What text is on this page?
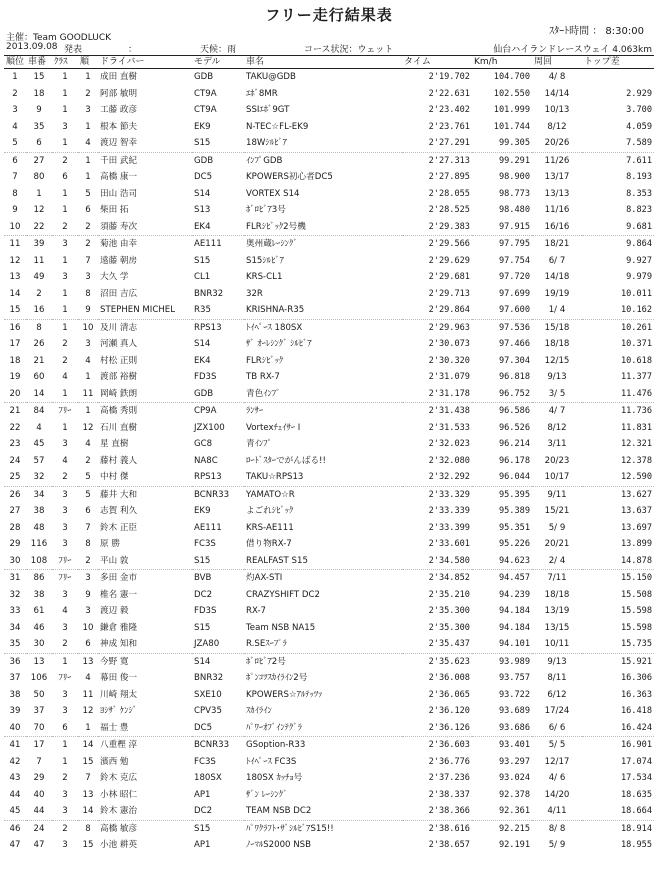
フリー走行結果表
ｽﾀｰﾄ時間 ： 8:30:00
主催：Team GOODLUCK
2013.09.08 発表	：	天候：雨	コース状況：ウェット	仙台ハイランドレースウェイ 4.063km
順位	車番	ｸﾗｽ	順	ドライバー	モデル	車名	タイム	Km/h	周回	トップ差
1	15	1	1	成田 直樹	GDB	TAKU@GDB	2'19.702	104.700	4/ 8	
2	18	1	2	阿部 敏明	CT9A	ｴﾎﾞ8MR	2'22.631	102.550	14/14	2.929
3	9	1	3	工藤 政彦	CT9A	SSIｴﾎﾞ9GT	2'23.402	101.999	10/13	3.700
4	35	3	1	根本 節夫	EK9	N-TEC☆FL-EK9	2'23.761	101.744	8/12	4.059
5	6	1	4	渡辺 智幸	S15	18Wｼﾙﾋﾞｱ	2'27.291	99.305	20/26	7.589
6	27	2	1	千田 武紀	GDB	ｲﾝﾌﾟGDB	2'27.313	99.291	11/26	7.611
7	80	6	1	高橋 康一	DC5	KPOWERS初心者DC5	2'27.895	98.900	13/17	8.193
8	1	1	5	田山 浩司	S14	VORTEX S14	2'28.055	98.773	13/13	8.353
9	12	1	6	柴田 拓	S13	ﾎﾞﾛﾋﾞｱ3号	2'28.525	98.480	11/16	8.823
10	22	2	2	須藤 寿次	EK4	FLRｼﾋﾞｯｸ2号機	2'29.383	97.915	16/16	9.681
11	39	3	2	菊池 由幸	AE111	奥州蔵ﾚｰｼﾝｸﾞ	2'29.566	97.795	18/21	9.864
12	11	1	7	遠藤 朝房	S15	S15ｼﾙﾋﾞｱ	2'29.629	97.754	6/ 7	9.927
13	49	3	3	大久 学	CL1	KRS-CL1	2'29.681	97.720	14/18	9.979
14	2	1	8	沼田 吉広	BNR32	32R	2'29.713	97.699	19/19	10.011
15	16	1	9	STEPHEN MICHEL	R35	KRISHNA-R35	2'29.864	97.600	1/ 4	10.162
16	8	1	10	及川 清志	RPS13	ﾄｲﾍﾟｰｽ 180SX	2'29.963	97.536	15/18	10.261
17	26	2	3	河瀬 真人	S14	ｻﾞ ｵｰﾚｼﾝｸﾞ ｼﾙﾋﾞｱ	2'30.073	97.466	18/18	10.371
18	21	2	4	村松 正則	EK4	FLRｼﾋﾞｯｸ	2'30.320	97.304	12/15	10.618
19	60	4	1	渡部 裕樹	FD3S	TB RX-7	2'31.079	96.818	9/13	11.377
20	14	1	11	岡崎 鉄朗	GDB	青色ｲﾝﾌﾟ	2'31.178	96.752	3/ 5	11.476
21	84	ﾌﾘｰ	1	高橋 秀則	CP9A	ﾗﾝｻｰ	2'31.438	96.586	4/ 7	11.736
22	4	1	12	石川 直樹	JZX100	Vortexﾁｪｲｻｰ I	2'31.533	96.526	8/12	11.831
23	45	3	4	星 直樹	GC8	青ｲﾝﾌﾟ	2'32.023	96.214	3/11	12.321
24	57	4	2	藤村 義人	NA8C	ﾛｰﾄﾞｽﾀｰでがんばる!!	2'32.080	96.178	20/23	12.378
25	32	2	5	中村 傑	RPS13	TAKU☆RPS13	2'32.292	96.044	10/17	12.590
26	34	3	5	藤井 大和	BCNR33	YAMATO☆R	2'33.329	95.395	9/11	13.627
27	38	3	6	志賀 利久	EK9	よごれｼﾋﾞｯｸ	2'33.339	95.389	15/21	13.637
28	48	3	7	鈴木 正臣	AE111	KRS-AE111	2'33.399	95.351	5/ 9	13.697
29	116	3	8	原 勝	FC3S	借り物RX-7	2'33.601	95.226	20/21	13.899
30	108	ﾌﾘｰ	2	平山 敦	S15	REALFAST S15	2'34.580	94.623	2/ 4	14.878
31	86	ﾌﾘｰ	3	多田 金市	BVB	灼AX-STI	2'34.852	94.457	7/11	15.150
32	38	3	9	椎名 憲一	DC2	CRAZYSHIFT DC2	2'35.210	94.239	18/18	15.508
33	61	4	3	渡辺 毅	FD3S	RX-7	2'35.300	94.184	13/19	15.598
34	46	3	10	鎌倉 雅隆	S15	Team NSB NA15	2'35.300	94.184	13/15	15.598
35	30	2	6	神成 知和	JZA80	R.SEｽｰﾌﾟﾗ	2'35.437	94.101	10/11	15.735
36	13	1	13	今野 寛	S14	ﾎﾞﾛﾋﾞｱ2号	2'35.623	93.989	9/13	15.921
37	106	ﾌﾘｰ	4	幕田 俊一	BNR32	ﾎﾟﾝｺﾂｽｶｲﾗｲﾝ2号	2'36.008	93.757	8/11	16.306
38	50	3	11	川崎 翔太	SXE10	KPOWERS☆ｱﾙﾃｯﾂｧ	2'36.065	93.722	6/12	16.363
39	37	3	12	ﾖｼｻﾞ ｹﾝｼﾞ	CPV35	ｽｶｲﾗｲﾝ	2'36.120	93.689	17/24	16.418
40	70	6	1	福士 豊	DC5	ﾊﾟﾜｰｵﾌﾞｲﾝﾃｸﾞﾗ	2'36.126	93.686	6/ 6	16.424
41	17	1	14	八重樫 淳	BCNR33	GSoption-R33	2'36.603	93.401	5/ 5	16.901
42	7	1	15	濱西 勉	FC3S	ﾄｲﾍﾟｰｽ FC3S	2'36.776	93.297	12/17	17.074
43	29	2	7	鈴木 克広	180SX	180SX ｶｯﾁｮ号	2'37.236	93.024	4/ 6	17.534
44	40	3	13	小林 昭仁	AP1	ｻﾞﾝ ﾚｰｼﾝｸﾞ	2'38.337	92.378	14/20	18.635
45	44	3	14	鈴木 憲治	DC2	TEAM NSB DC2	2'38.366	92.361	4/11	18.664
46	24	2	8	高橋 敏彦	S15	ﾊﾟﾜｸﾗﾌﾄ･ｻﾞｼﾙﾋﾞｱS15!!	2'38.616	92.215	8/ 8	18.914
47	47	3	15	小池 耕英	AP1	ﾉｰﾏﾙS2000 NSB	2'38.657	92.191	5/ 9	18.955
